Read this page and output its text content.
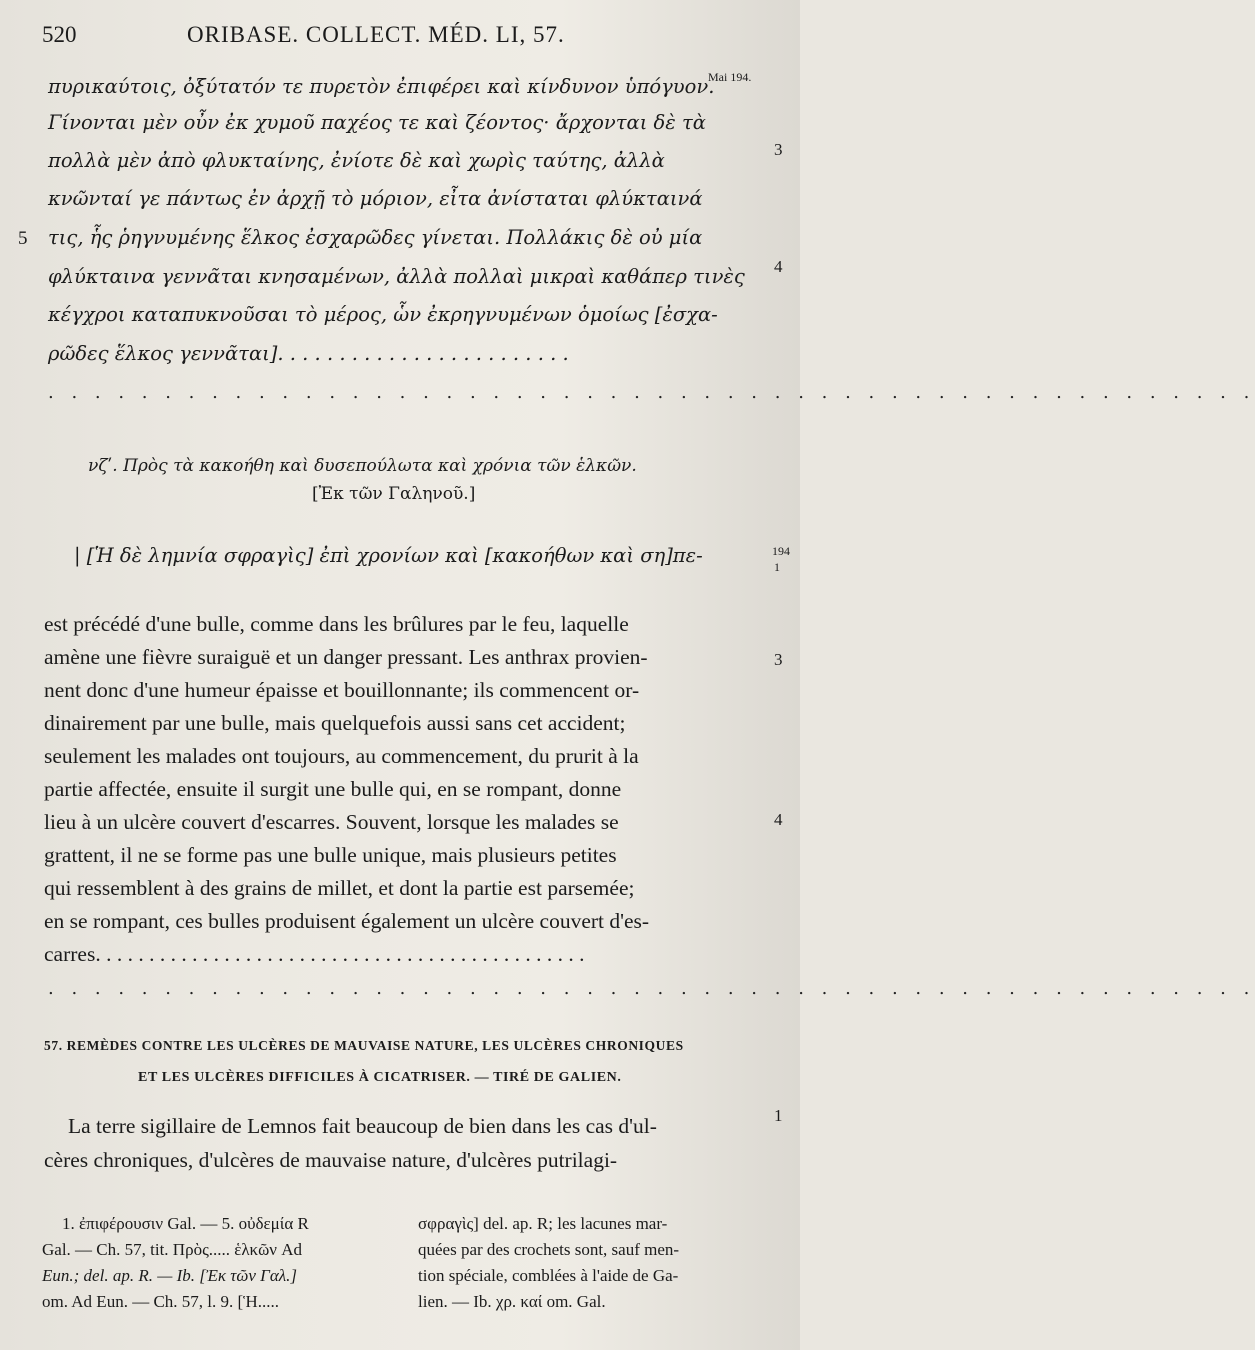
520	ORIBASE. COLLECT. MÉD. LI, 57.
Mai 194.
πυρικαύτοις, ὀξύτατόν τε πυρετὸν ἐπιφέρει καὶ κίνδυνον ὑπόγυον.
Γίνονται μὲν οὖν ἐκ χυμοῦ παχέος τε καὶ ζέοντος· ἄρχονται δὲ τὰ
3
πολλὰ μὲν ἀπὸ φλυκταίνης, ἐνίοτε δὲ καὶ χωρὶς ταύτης, ἀλλὰ
κνῶνταί γε πάντως ἐν ἀρχῇ τὸ μόριον, εἶτα ἀνίσταται φλύκταινά
5 τις, ἧς ῥηγνυμένης ἕλκος ἐσχαρῶδες γίνεται. Πολλάκις δὲ οὐ μία
4
φλύκταινα γεννᾶται κνησαμένων, ἀλλὰ πολλαὶ μικραὶ καθάπερ τινὲς
κέγχροι καταπυκνοῦσαι τὸ μέρος, ὧν ἐκρηγνυμένων ὁμοίως [ἐσχα-
ρῶδες ἕλκος γεννᾶται]. . . . . . . . . . . . . . . . . . . . . . . .
. . . . . . . . . . . . . . . . . . . . . . . . . . . . . . . . . . . . . . . . . . . . . . . . . . . .
νζʹ. Πρὸς τὰ κακοήθη καὶ δυσεπούλωτα καὶ χρόνια τῶν ἑλκῶν.
[Ἐκ τῶν Γαληνοῦ.]
| [Ἡ δὲ λημνία σφραγὶς] ἐπὶ χρονίων καὶ [κακοήθων καὶ ση]πε-	194
1
est précédé d'une bulle, comme dans les brûlures par le feu, laquelle
amène une fièvre suraiguë et un danger pressant. Les anthrax provien-	3
nent donc d'une humeur épaisse et bouillonnante; ils commencent or-
dinairement par une bulle, mais quelquefois aussi sans cet accident;
seulement les malades ont toujours, au commencement, du prurit à la
partie affectée, ensuite il surgit une bulle qui, en se rompant, donne
lieu à un ulcère couvert d'escarres. Souvent, lorsque les malades se	4
grattent, il ne se forme pas une bulle unique, mais plusieurs petites
qui ressemblent à des grains de millet, et dont la partie est parsemée;
en se rompant, ces bulles produisent également un ulcère couvert d'es-
carres. . . . . . . . . . . . . . . . . . . . . . . . . . . . . . . . . . . . . . . . . . . . . .
. . . . . . . . . . . . . . . . . . . . . . . . . . . . . . . . . . . . . . . . . . . . . . . . . . . .
57. REMÈDES CONTRE LES ULCÈRES DE MAUVAISE NATURE, LES ULCÈRES CHRONIQUES
ET LES ULCÈRES DIFFICILES À CICATRISER. — TIRÉ DE GALIEN.
La terre sigillaire de Lemnos fait beaucoup de bien dans les cas d'ul-	1
cères chroniques, d'ulcères de mauvaise nature, d'ulcères putrilagi-
1. ἐπιφέρουσιν Gal. — 5. οὐδεμία R
Gal. — Ch. 57, tit. Πρὸς..... ἑλκῶν Ad
Eun.; del. ap. R. — Ib. [Ἐκ τῶν Γαλ.]
om. Ad Eun. — Ch. 57, l. 9. [Ἡ.....
σφραγὶς] del. ap. R; les lacunes mar-
quées par des crochets sont, sauf men-
tion spéciale, comblées à l'aide de Ga-
lien. — Ib. χρ. καί om. Gal.
